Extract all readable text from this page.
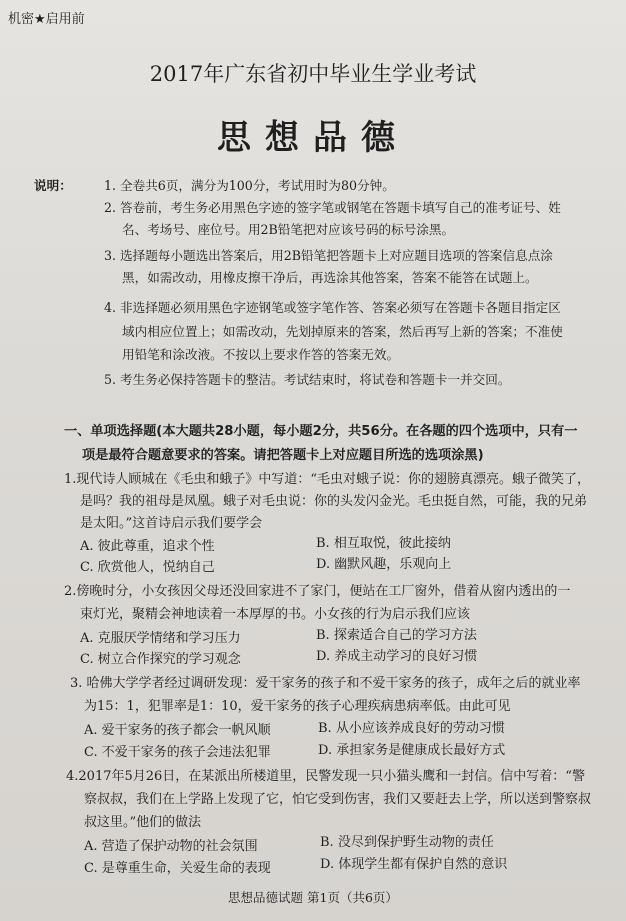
机密★启用前
2017年广东省初中毕业生学业考试
思想品德
说明：	1. 全卷共6页，满分为100分，考试用时为80分钟。
2. 答卷前，考生务必用黑色字迹的签字笔或钢笔在答题卡填写自己的准考证号、姓
名、考场号、座位号。用2B铅笔把对应该号码的标号涂黑。
3. 选择题每小题选出答案后，用2B铅笔把答题卡上对应题目选项的答案信息点涂
黑，如需改动，用橡皮擦干净后，再选涂其他答案，答案不能答在试题上。
4. 非选择题必须用黑色字迹钢笔或签字笔作答、答案必须写在答题卡各题目指定区
域内相应位置上；如需改动，先划掉原来的答案，然后再写上新的答案；不准使
用铅笔和涂改液。不按以上要求作答的答案无效。
5. 考生务必保持答题卡的整洁。考试结束时，将试卷和答题卡一并交回。
一、单项选择题(本大题共28小题，每小题2分，共56分。在各题的四个选项中，只有一
项是最符合题意要求的答案。请把答题卡上对应题目所选的选项涂黑)
1.现代诗人顾城在《毛虫和蛾子》中写道：“毛虫对蛾子说：你的翅膀真漂亮。蛾子微笑了，
是吗？我的祖母是凤凰。蛾子对毛虫说：你的头发闪金光。毛虫挺自然，可能，我的兄弟
是太阳。”这首诗启示我们要学会
A. 彼此尊重，追求个性	B. 相互取悦，彼此接纳
C. 欣赏他人，悦纳自己	D. 幽默风趣，乐观向上
2.傍晚时分，小女孩因父母还没回家进不了家门，便站在工厂窗外，借着从窗内透出的一
束灯光，聚精会神地读着一本厚厚的书。小女孩的行为启示我们应该
A. 克服厌学情绪和学习压力	B. 探索适合自己的学习方法
C. 树立合作探究的学习观念	D. 养成主动学习的良好习惯
3. 哈佛大学学者经过调研发现：爱干家务的孩子和不爱干家务的孩子，成年之后的就业率
为15：1，犯罪率是1：10，爱干家务的孩子心理疾病患病率低。由此可见
A. 爱干家务的孩子都会一帆风顺	B. 从小应该养成良好的劳动习惯
C. 不爱干家务的孩子会违法犯罪	D. 承担家务是健康成长最好方式
4.2017年5月26日，在某派出所楼道里，民警发现一只小猫头鹰和一封信。信中写着：“警
察叔叔，我们在上学路上发现了它，怕它受到伤害，我们又要赶去上学，所以送到警察叔
叔这里。”他们的做法
A. 营造了保护动物的社会氛围	B. 没尽到保护野生动物的责任
C. 是尊重生命，关爱生命的表现	D. 体现学生都有保护自然的意识
思想品德试题 第1页（共6页）
